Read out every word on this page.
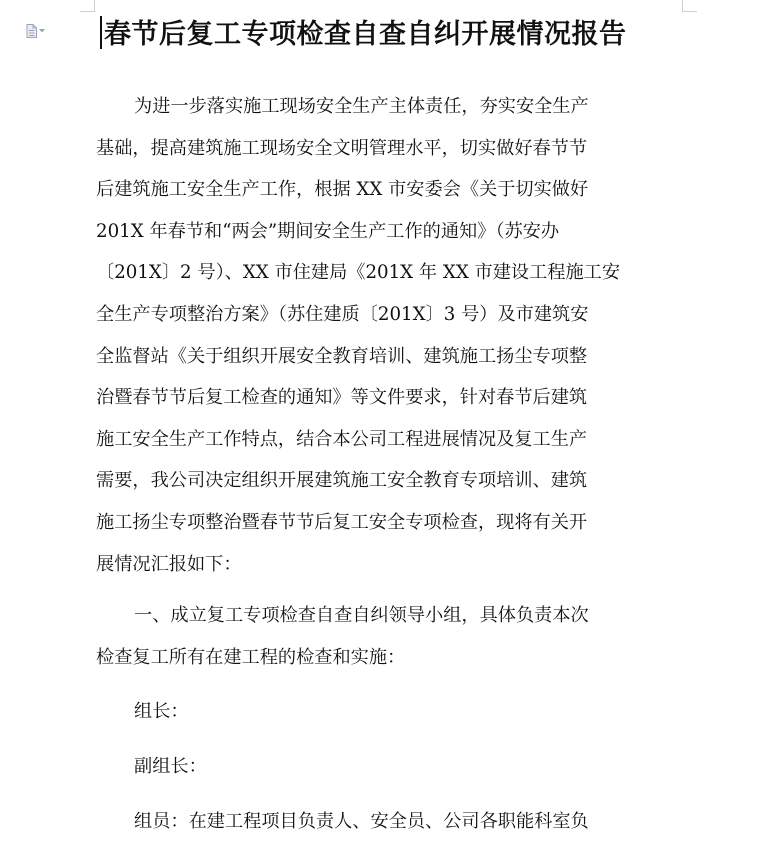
春节后复工专项检查自查自纠开展情况报告
为进一步落实施工现场安全生产主体责任，夯实安全生产
基础，提高建筑施工现场安全文明管理水平，切实做好春节节
后建筑施工安全生产工作，根据 XX 市安委会《关于切实做好
201X 年春节和“两会”期间安全生产工作的通知》（苏安办
〔201X〕2 号）、XX 市住建局《201X 年 XX 市建设工程施工安
全生产专项整治方案》（苏住建质〔201X〕3 号）及市建筑安
全监督站《关于组织开展安全教育培训、建筑施工扬尘专项整
治暨春节节后复工检查的通知》等文件要求，针对春节后建筑
施工安全生产工作特点，结合本公司工程进展情况及复工生产
需要，我公司决定组织开展建筑施工安全教育专项培训、建筑
施工扬尘专项整治暨春节节后复工安全专项检查，现将有关开
展情况汇报如下：
一、成立复工专项检查自查自纠领导小组，具体负责本次
检查复工所有在建工程的检查和实施：
组长：
副组长：
组员：在建工程项目负责人、安全员、公司各职能科室负
